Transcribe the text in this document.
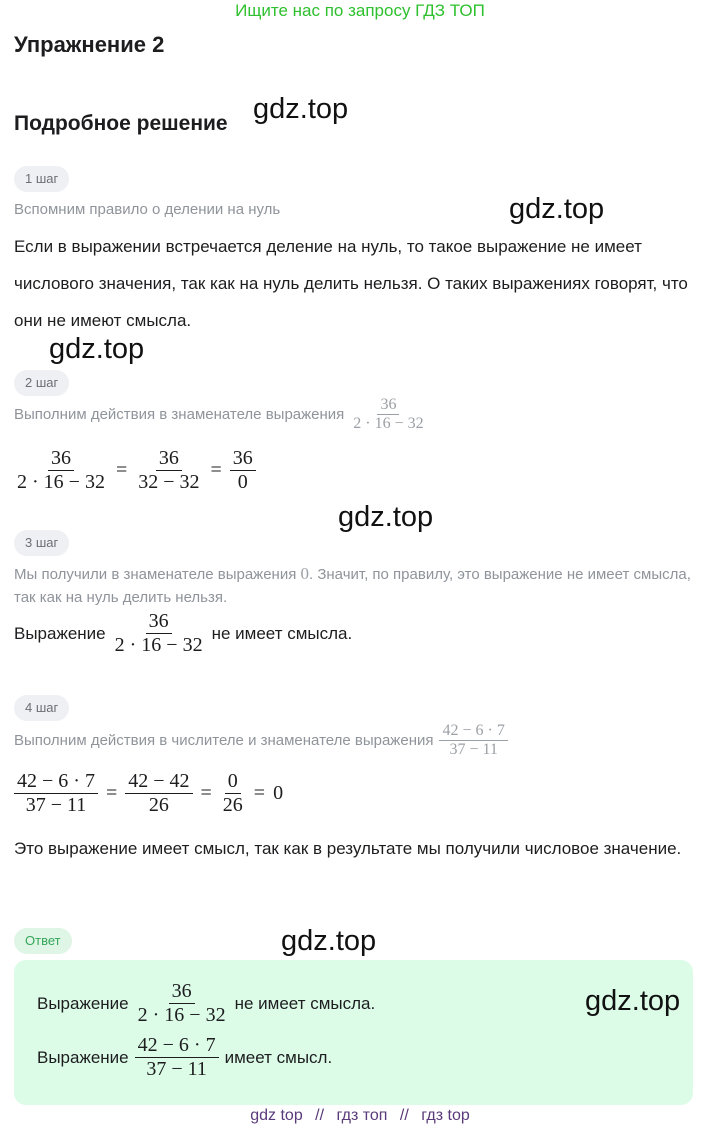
Ищите нас по запросу ГДЗ ТОП
Упражнение 2
Подробное решение gdz.top
gdz.top
gdz.top
gdz.top
gdz.top
1 шаг
Вспомним правило о делении на нуль
Если в выражении встречается деление на нуль, то такое выражение не имеет числового значения, так как на нуль делить нельзя. О таких выражениях говорят, что они не имеют смысла.
2 шаг
Выполним действия в знаменателе выражения $\frac{36}{2 \cdot 16 - 32}$
$\frac{36}{2 \cdot 16 - 32} = \frac{36}{32 - 32} = \frac{36}{0}$
3 шаг
Мы получили в знаменателе выражения 0. Значит, по правилу, это выражение не имеет смысла, так как на нуль делить нельзя.
Выражение $\frac{36}{2 \cdot 16 - 32}$ не имеет смысла.
4 шаг
Выполним действия в числителе и знаменателе выражения $\frac{42 - 6 \cdot 7}{37 - 11}$
$\frac{42 - 6 \cdot 7}{37 - 11} = \frac{42 - 42}{26} = \frac{0}{26} = 0$
Это выражение имеет смысл, так как в результате мы получили числовое значение.
Ответ
gdz.top
Выражение $\frac{36}{2 \cdot 16 - 32}$ не имеет смысла.
Выражение $\frac{42 - 6 \cdot 7}{37 - 11}$ имеет смысл.
gdz top // гдз топ // гдз top
